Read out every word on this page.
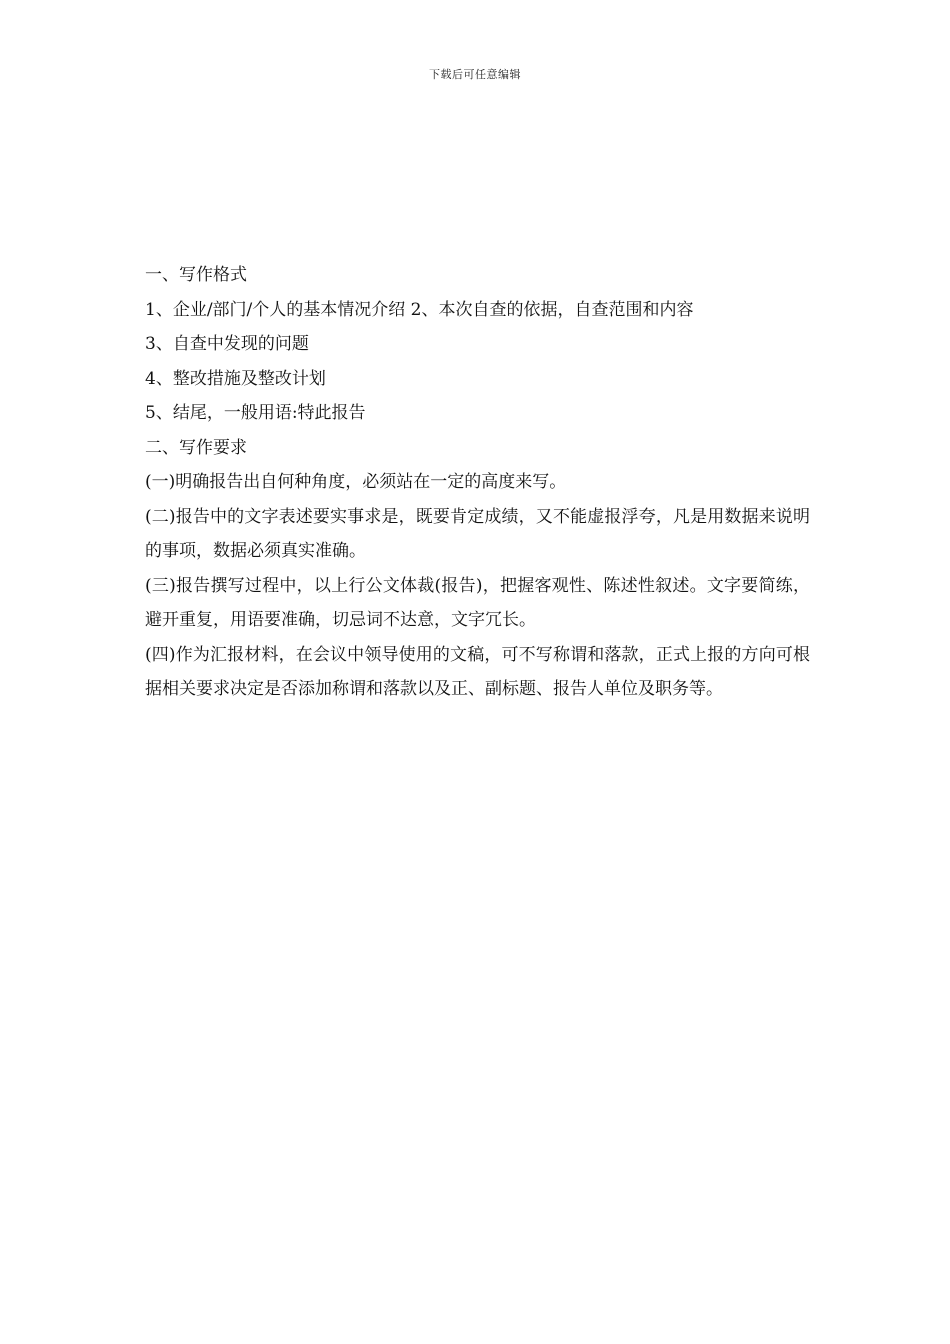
下载后可任意编辑

一、写作格式

1、企业/部门/个人的基本情况介绍 2、本次自查的依据，自查范围和内容

3、自查中发现的问题

4、整改措施及整改计划

5、结尾，一般用语:特此报告

二、写作要求

(一)明确报告出自何种角度，必须站在一定的高度来写。

(二)报告中的文字表述要实事求是，既要肯定成绩，又不能虚报浮夸，凡是用数据来说明的事项，数据必须真实准确。

(三)报告撰写过程中，以上行公文体裁(报告)，把握客观性、陈述性叙述。文字要简练，避开重复，用语要准确，切忌词不达意，文字冗长。

(四)作为汇报材料，在会议中领导使用的文稿，可不写称谓和落款，正式上报的方向可根据相关要求决定是否添加称谓和落款以及正、副标题、报告人单位及职务等。
